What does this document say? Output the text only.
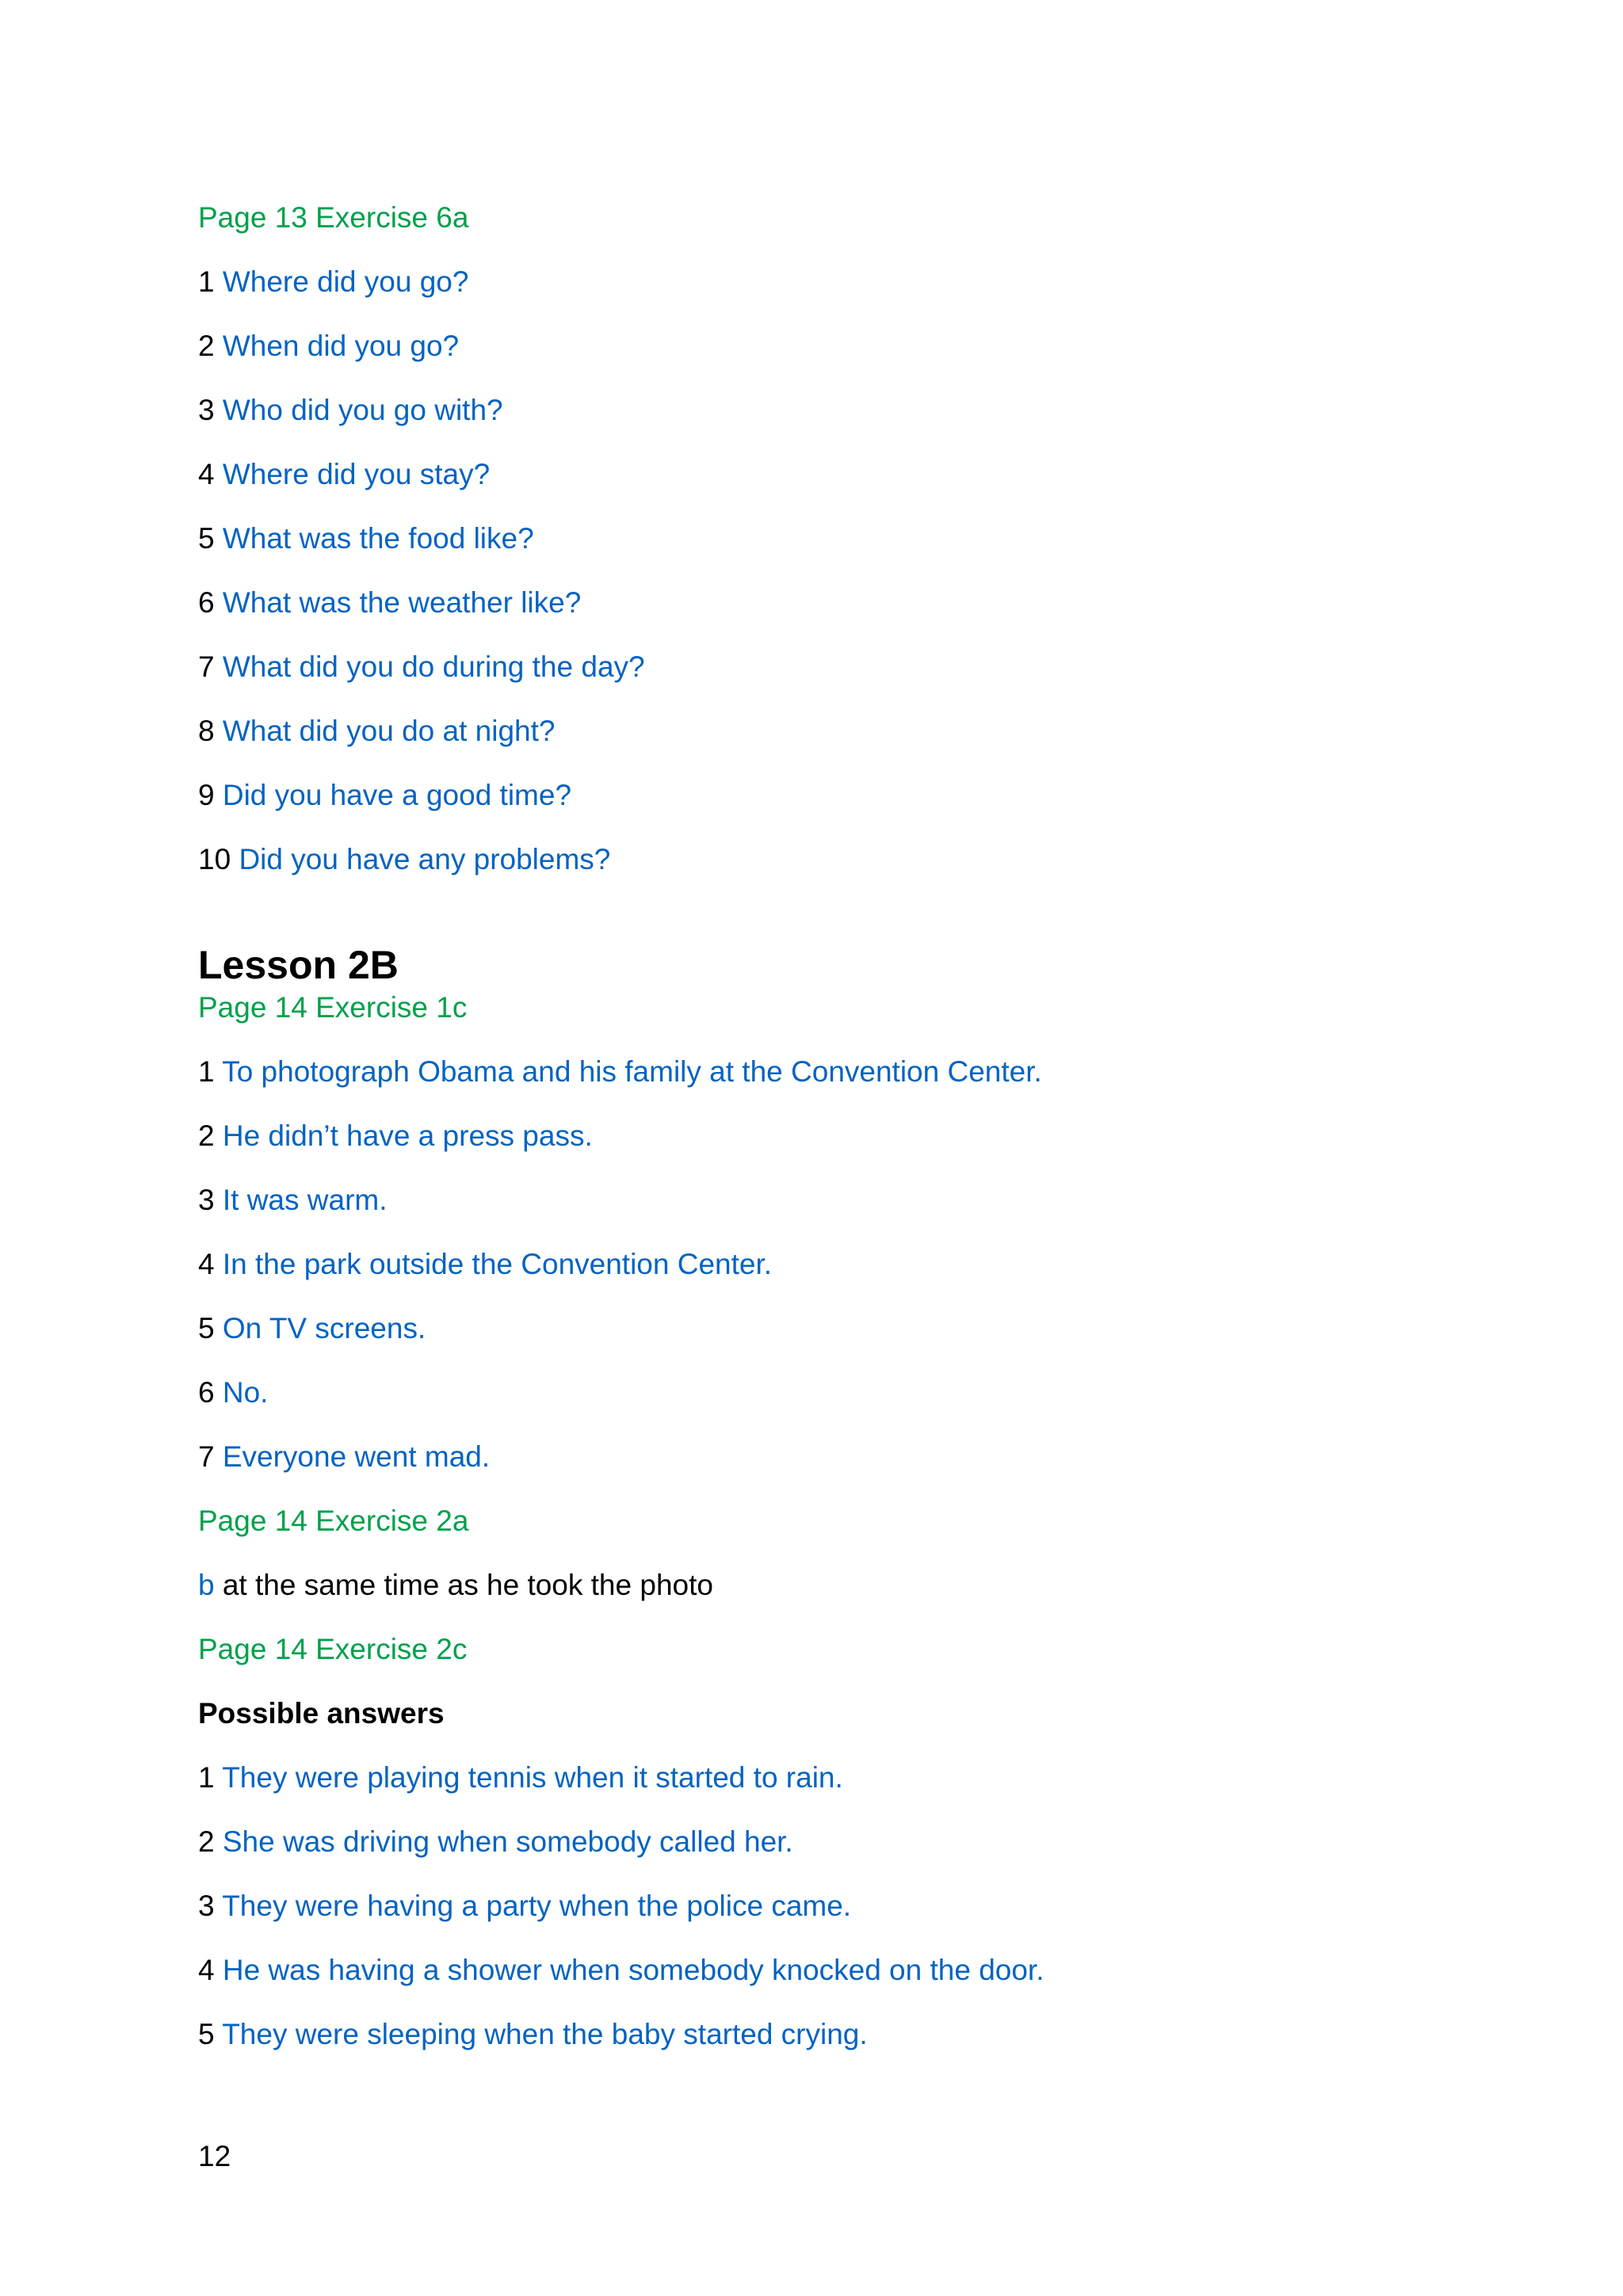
Page 13 Exercise 6a
1 Where did you go?
2 When did you go?
3 Who did you go with?
4 Where did you stay?
5 What was the food like?
6 What was the weather like?
7 What did you do during the day?
8 What did you do at night?
9 Did you have a good time?
10 Did you have any problems?
Lesson 2B
Page 14 Exercise 1c
1 To photograph Obama and his family at the Convention Center.
2 He didn’t have a press pass.
3 It was warm.
4 In the park outside the Convention Center.
5 On TV screens.
6 No.
7 Everyone went mad.
Page 14 Exercise 2a
b at the same time as he took the photo
Page 14 Exercise 2c
Possible answers
1 They were playing tennis when it started to rain.
2 She was driving when somebody called her.
3 They were having a party when the police came.
4 He was having a shower when somebody knocked on the door.
5 They were sleeping when the baby started crying.
12
